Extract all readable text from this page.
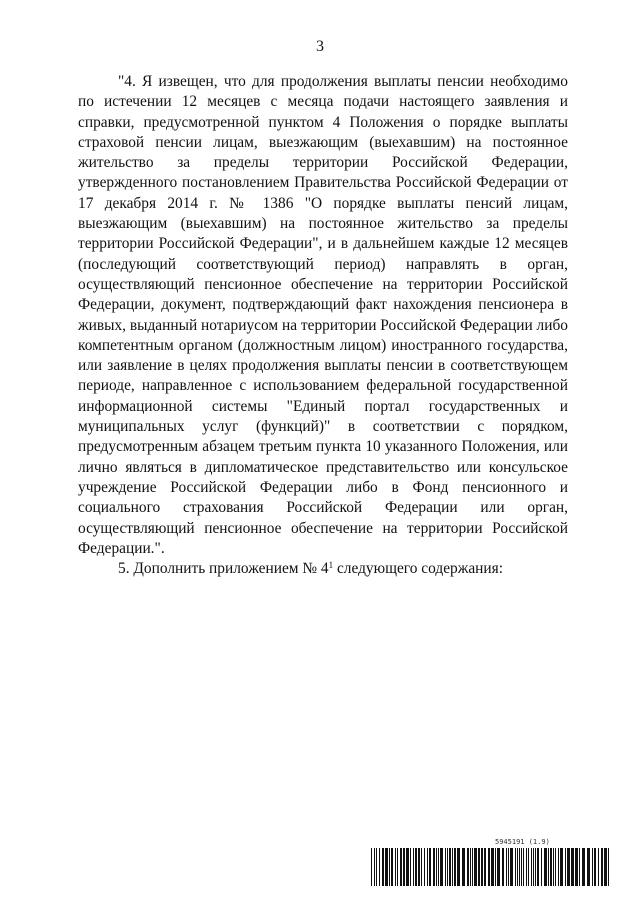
3

"4. Я извещен, что для продолжения выплаты пенсии необходимо по истечении 12 месяцев с месяца подачи настоящего заявления и справки, предусмотренной пунктом 4 Положения о порядке выплаты страховой пенсии лицам, выезжающим (выехавшим) на постоянное жительство за пределы территории Российской Федерации, утвержденного постановлением Правительства Российской Федерации от 17 декабря 2014 г. № 1386 "О порядке выплаты пенсий лицам, выезжающим (выехавшим) на постоянное жительство за пределы территории Российской Федерации", и в дальнейшем каждые 12 месяцев (последующий соответствующий период) направлять в орган, осуществляющий пенсионное обеспечение на территории Российской Федерации, документ, подтверждающий факт нахождения пенсионера в живых, выданный нотариусом на территории Российской Федерации либо компетентным органом (должностным лицом) иностранного государства, или заявление в целях продолжения выплаты пенсии в соответствующем периоде, направленное с использованием федеральной государственной информационной системы "Единый портал государственных и муниципальных услуг (функций)" в соответствии с порядком, предусмотренным абзацем третьим пункта 10 указанного Положения, или лично являться в дипломатическое представительство или консульское учреждение Российской Федерации либо в Фонд пенсионного и социального страхования Российской Федерации или орган, осуществляющий пенсионное обеспечение на территории Российской Федерации.".

5. Дополнить приложением № $4^1$ следующего содержания:

5945191 (1.9)
